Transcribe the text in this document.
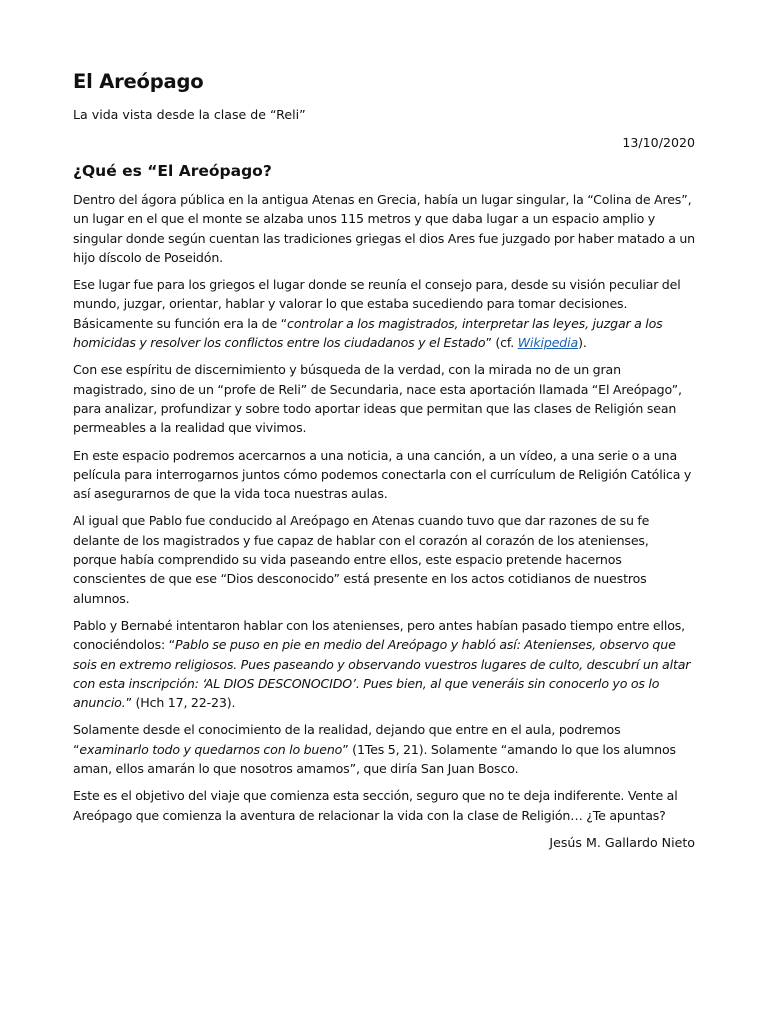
El Areópago

La vida vista desde la clase de “Reli”

13/10/2020

¿Qué es “El Areópago?

Dentro del ágora pública en la antigua Atenas en Grecia, había un lugar singular, la “Colina de Ares”, un lugar en el que el monte se alzaba unos 115 metros y que daba lugar a un espacio amplio y singular donde según cuentan las tradiciones griegas el dios Ares fue juzgado por haber matado a un hijo díscolo de Poseidón.

Ese lugar fue para los griegos el lugar donde se reunía el consejo para, desde su visión peculiar del mundo, juzgar, orientar, hablar y valorar lo que estaba sucediendo para tomar decisiones. Básicamente su función era la de “controlar a los magistrados, interpretar las leyes, juzgar a los homicidas y resolver los conflictos entre los ciudadanos y el Estado” (cf. Wikipedia).

Con ese espíritu de discernimiento y búsqueda de la verdad, con la mirada no de un gran magistrado, sino de un “profe de Reli” de Secundaria, nace esta aportación llamada “El Areópago”, para analizar, profundizar y sobre todo aportar ideas que permitan que las clases de Religión sean permeables a la realidad que vivimos.

En este espacio podremos acercarnos a una noticia, a una canción, a un vídeo, a una serie o a una película para interrogarnos juntos cómo podemos conectarla con el currículum de Religión Católica y así asegurarnos de que la vida toca nuestras aulas.

Al igual que Pablo fue conducido al Areópago en Atenas cuando tuvo que dar razones de su fe delante de los magistrados y fue capaz de hablar con el corazón al corazón de los atenienses, porque había comprendido su vida paseando entre ellos, este espacio pretende hacernos conscientes de que ese “Dios desconocido” está presente en los actos cotidianos de nuestros alumnos.

Pablo y Bernabé intentaron hablar con los atenienses, pero antes habían pasado tiempo entre ellos, conociéndolos: “Pablo se puso en pie en medio del Areópago y habló así: Atenienses, observo que sois en extremo religiosos. Pues paseando y observando vuestros lugares de culto, descubrí un altar con esta inscripción: ‘AL DIOS DESCONOCIDO’. Pues bien, al que veneráis sin conocerlo yo os lo anuncio.” (Hch 17, 22-23).

Solamente desde el conocimiento de la realidad, dejando que entre en el aula, podremos “examinarlo todo y quedarnos con lo bueno” (1Tes 5, 21). Solamente “amando lo que los alumnos aman, ellos amarán lo que nosotros amamos”, que diría San Juan Bosco.

Este es el objetivo del viaje que comienza esta sección, seguro que no te deja indiferente. Vente al Areópago que comienza la aventura de relacionar la vida con la clase de Religión… ¿Te apuntas?

Jesús M. Gallardo Nieto
